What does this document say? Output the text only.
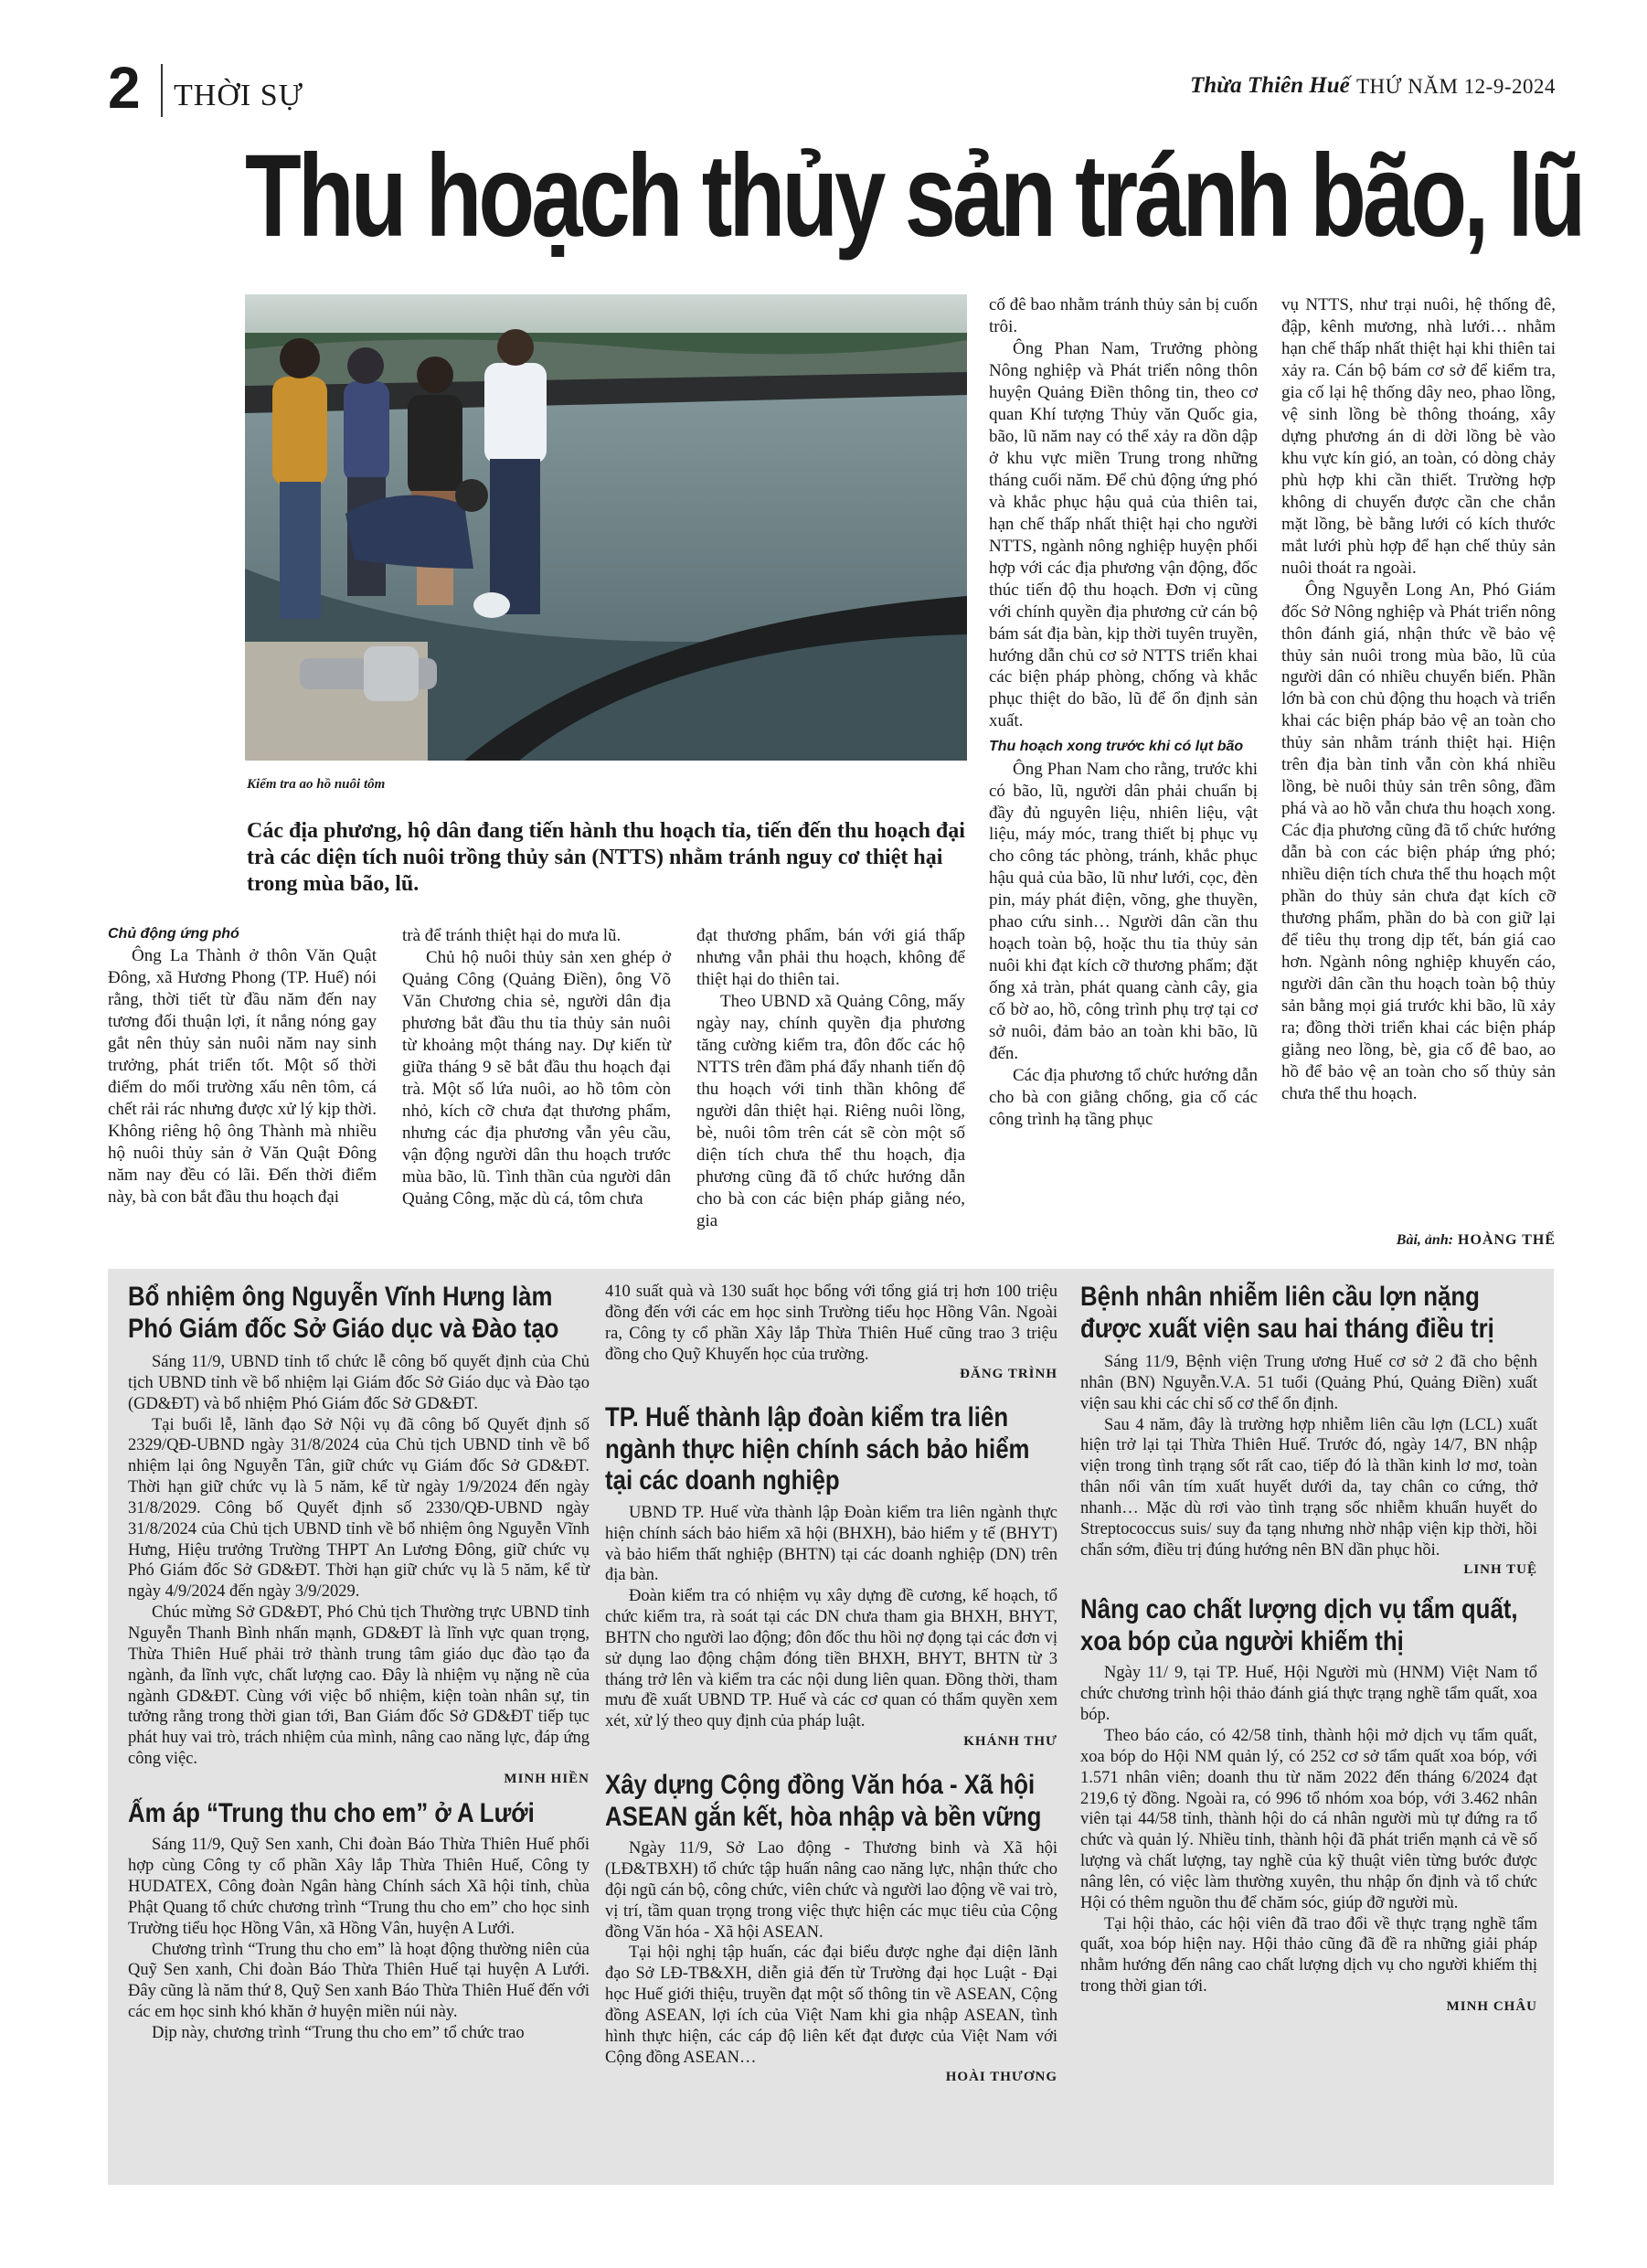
2 THỜI SỰ	Thừa Thiên Huế THỨ NĂM 12-9-2024
Thu hoạch thủy sản tránh bão, lũ
Kiểm tra ao hồ nuôi tôm
Các địa phương, hộ dân đang tiến hành thu hoạch tỉa, tiến đến thu hoạch đại trà các diện tích nuôi trồng thủy sản (NTTS) nhằm tránh nguy cơ thiệt hại trong mùa bão, lũ.
Chủ động ứng phó

Ông La Thành ở thôn Văn Quật Đông, xã Hương Phong (TP. Huế) nói rằng, thời tiết từ đầu năm đến nay tương đối thuận lợi, ít nắng nóng gay gắt nên thủy sản nuôi năm nay sinh trưởng, phát triển tốt. Một số thời điểm do mối trường xấu nên tôm, cá chết rải rác nhưng được xử lý kịp thời. Không riêng hộ ông Thành mà nhiều hộ nuôi thủy sản ở Văn Quật Đông năm nay đều có lãi. Đến thời điểm này, bà con bắt đầu thu hoạch đại

trà để tránh thiệt hại do mưa lũ.

Chủ hộ nuôi thủy sản xen ghép ở Quảng Công (Quảng Điền), ông Võ Văn Chương chia sẻ, người dân địa phương bắt đầu thu tỉa thủy sản nuôi từ khoảng một tháng nay. Dự kiến từ giữa tháng 9 sẽ bắt đầu thu hoạch đại trà. Một số lứa nuôi, ao hồ tôm còn nhỏ, kích cỡ chưa đạt thương phẩm, nhưng các địa phương vẫn yêu cầu, vận động người dân thu hoạch trước mùa bão, lũ. Tình thần của người dân Quảng Công, mặc dù cá, tôm chưa

đạt thương phẩm, bán với giá thấp nhưng vẫn phải thu hoạch, không để thiệt hại do thiên tai.

Theo UBND xã Quảng Công, mấy ngày nay, chính quyền địa phương tăng cường kiểm tra, đôn đốc các hộ NTTS trên đầm phá đẩy nhanh tiến độ thu hoạch với tinh thần không để người dân thiệt hại. Riêng nuôi lồng, bè, nuôi tôm trên cát sẽ còn một số diện tích chưa thể thu hoạch, địa phương cũng đã tổ chức hướng dẫn cho bà con các biện pháp giằng néo, gia

cố đê bao nhằm tránh thủy sản bị cuốn trôi.

Ông Phan Nam, Trưởng phòng Nông nghiệp và Phát triển nông thôn huyện Quảng Điền thông tin, theo cơ quan Khí tượng Thủy văn Quốc gia, bão, lũ năm nay có thể xảy ra dồn dập ở khu vực miền Trung trong những tháng cuối năm. Để chủ động ứng phó và khắc phục hậu quả của thiên tai, hạn chế thấp nhất thiệt hại cho người NTTS, ngành nông nghiệp huyện phối hợp với các địa phương vận động, đốc thúc tiến độ thu hoạch. Đơn vị cũng với chính quyền địa phương cử cán bộ bám sát địa bàn, kịp thời tuyên truyền, hướng dẫn chủ cơ sở NTTS triển khai các biện pháp phòng, chống và khắc phục thiệt do bão, lũ để ổn định sản xuất.

Thu hoạch xong trước khi có lụt bão

Ông Phan Nam cho rằng, trước khi có bão, lũ, người dân phải chuẩn bị đầy đủ nguyên liệu, nhiên liệu, vật liệu, máy móc, trang thiết bị phục vụ cho công tác phòng, tránh, khắc phục hậu quả của bão, lũ như lưới, cọc, đèn pin, máy phát điện, võng, ghe thuyền, phao cứu sinh… Người dân cần thu hoạch toàn bộ, hoặc thu tỉa thủy sản nuôi khi đạt kích cỡ thương phẩm; đặt ống xả tràn, phát quang cành cây, gia cố bờ ao, hồ, công trình phụ trợ tại cơ sở nuôi, đảm bảo an toàn khi bão, lũ đến.

Các địa phương tổ chức hướng dẫn cho bà con giằng chống, gia cố các công trình hạ tầng phục

vụ NTTS, như trại nuôi, hệ thống đê, đập, kênh mương, nhà lưới… nhằm hạn chế thấp nhất thiệt hại khi thiên tai xảy ra. Cán bộ bám cơ sở để kiểm tra, gia cố lại hệ thống dây neo, phao lồng, vệ sinh lồng bè thông thoáng, xây dựng phương án di dời lồng bè vào khu vực kín gió, an toàn, có dòng chảy phù hợp khi cần thiết. Trường hợp không di chuyển được cần che chắn mặt lồng, bè bằng lưới có kích thước mắt lưới phù hợp để hạn chế thủy sản nuôi thoát ra ngoài.

Ông Nguyễn Long An, Phó Giám đốc Sở Nông nghiệp và Phát triển nông thôn đánh giá, nhận thức về bảo vệ thủy sản nuôi trong mùa bão, lũ của người dân có nhiều chuyển biến. Phần lớn bà con chủ động thu hoạch và triển khai các biện pháp bảo vệ an toàn cho thủy sản nhằm tránh thiệt hại. Hiện trên địa bàn tỉnh vẫn còn khá nhiều lồng, bè nuôi thủy sản trên sông, đầm phá và ao hồ vẫn chưa thu hoạch xong. Các địa phương cũng đã tổ chức hướng dẫn bà con các biện pháp ứng phó; nhiều diện tích chưa thể thu hoạch một phần do thủy sản chưa đạt kích cỡ thương phẩm, phần do bà con giữ lại để tiêu thụ trong dịp tết, bán giá cao hơn. Ngành nông nghiệp khuyến cáo, người dân cần thu hoạch toàn bộ thủy sản bằng mọi giá trước khi bão, lũ xảy ra; đồng thời triển khai các biện pháp giằng neo lồng, bè, gia cố đê bao, ao hồ để bảo vệ an toàn cho số thủy sản chưa thể thu hoạch.

Bài, ảnh: HOÀNG THẾ
Bổ nhiệm ông Nguyễn Vĩnh Hưng làm Phó Giám đốc Sở Giáo dục và Đào tạo

Sáng 11/9, UBND tỉnh tổ chức lễ công bố quyết định của Chủ tịch UBND tỉnh về bổ nhiệm lại Giám đốc Sở Giáo dục và Đào tạo (GD&ĐT) và bổ nhiệm Phó Giám đốc Sở GD&ĐT.

Tại buổi lễ, lãnh đạo Sở Nội vụ đã công bố Quyết định số 2329/QĐ-UBND ngày 31/8/2024 của Chủ tịch UBND tỉnh về bổ nhiệm lại ông Nguyễn Tân, giữ chức vụ Giám đốc Sở GD&ĐT. Thời hạn giữ chức vụ là 5 năm, kể từ ngày 1/9/2024 đến ngày 31/8/2029. Công bố Quyết định số 2330/QĐ-UBND ngày 31/8/2024 của Chủ tịch UBND tỉnh về bổ nhiệm ông Nguyễn Vĩnh Hưng, Hiệu trưởng Trường THPT An Lương Đông, giữ chức vụ Phó Giám đốc Sở GD&ĐT. Thời hạn giữ chức vụ là 5 năm, kể từ ngày 4/9/2024 đến ngày 3/9/2029.

Chúc mừng Sở GD&ĐT, Phó Chủ tịch Thường trực UBND tỉnh Nguyễn Thanh Bình nhấn mạnh, GD&ĐT là lĩnh vực quan trọng, Thừa Thiên Huế phải trở thành trung tâm giáo dục đào tạo đa ngành, đa lĩnh vực, chất lượng cao. Đây là nhiệm vụ nặng nề của ngành GD&ĐT. Cùng với việc bổ nhiệm, kiện toàn nhân sự, tin tưởng rằng trong thời gian tới, Ban Giám đốc Sở GD&ĐT tiếp tục phát huy vai trò, trách nhiệm của mình, nâng cao năng lực, đáp ứng công việc.

MINH HIỀN
Ấm áp “Trung thu cho em” ở A Lưới

Sáng 11/9, Quỹ Sen xanh, Chi đoàn Báo Thừa Thiên Huế phối hợp cùng Công ty cổ phần Xây lắp Thừa Thiên Huế, Công ty HUDATEX, Công đoàn Ngân hàng Chính sách Xã hội tỉnh, chùa Phật Quang tổ chức chương trình “Trung thu cho em” cho học sinh Trường tiểu học Hồng Vân, xã Hồng Vân, huyện A Lưới.

Chương trình “Trung thu cho em” là hoạt động thường niên của Quỹ Sen xanh, Chi đoàn Báo Thừa Thiên Huế tại huyện A Lưới. Đây cũng là năm thứ 8, Quỹ Sen xanh Báo Thừa Thiên Huế đến với các em học sinh khó khăn ở huyện miền núi này.

Dịp này, chương trình “Trung thu cho em” tổ chức trao

410 suất quà và 130 suất học bổng với tổng giá trị hơn 100 triệu đồng đến với các em học sinh Trường tiểu học Hồng Vân. Ngoài ra, Công ty cổ phần Xây lắp Thừa Thiên Huế cũng trao 3 triệu đồng cho Quỹ Khuyến học của trường.

ĐĂNG TRÌNH
TP. Huế thành lập đoàn kiểm tra liên ngành thực hiện chính sách bảo hiểm tại các doanh nghiệp

UBND TP. Huế vừa thành lập Đoàn kiểm tra liên ngành thực hiện chính sách bảo hiểm xã hội (BHXH), bảo hiểm y tế (BHYT) và bảo hiểm thất nghiệp (BHTN) tại các doanh nghiệp (DN) trên địa bàn.

Đoàn kiểm tra có nhiệm vụ xây dựng đề cương, kế hoạch, tổ chức kiểm tra, rà soát tại các DN chưa tham gia BHXH, BHYT, BHTN cho người lao động; đôn đốc thu hồi nợ đọng tại các đơn vị sử dụng lao động chậm đóng tiền BHXH, BHYT, BHTN từ 3 tháng trở lên và kiểm tra các nội dung liên quan. Đồng thời, tham mưu đề xuất UBND TP. Huế và các cơ quan có thẩm quyền xem xét, xử lý theo quy định của pháp luật.

KHÁNH THƯ
Xây dựng Cộng đồng Văn hóa - Xã hội ASEAN gắn kết, hòa nhập và bền vững

Ngày 11/9, Sở Lao động - Thương binh và Xã hội (LĐ&TBXH) tổ chức tập huấn nâng cao năng lực, nhận thức cho đội ngũ cán bộ, công chức, viên chức và người lao động về vai trò, vị trí, tầm quan trọng trong việc thực hiện các mục tiêu của Cộng đồng Văn hóa - Xã hội ASEAN.

Tại hội nghị tập huấn, các đại biểu được nghe đại diện lãnh đạo Sở LĐ-TB&XH, diễn giả đến từ Trường đại học Luật - Đại học Huế giới thiệu, truyền đạt một số thông tin về ASEAN, Cộng đồng ASEAN, lợi ích của Việt Nam khi gia nhập ASEAN, tình hình thực hiện, các cáp độ liên kết đạt được của Việt Nam với Cộng đồng ASEAN…

HOÀI THƯƠNG
Bệnh nhân nhiễm liên cầu lợn nặng được xuất viện sau hai tháng điều trị

Sáng 11/9, Bệnh viện Trung ương Huế cơ sở 2 đã cho bệnh nhân (BN) Nguyễn.V.A. 51 tuổi (Quảng Phú, Quảng Điền) xuất viện sau khi các chỉ số cơ thể ổn định.

Sau 4 năm, đây là trường hợp nhiễm liên cầu lợn (LCL) xuất hiện trở lại tại Thừa Thiên Huế. Trước đó, ngày 14/7, BN nhập viện trong tình trạng sốt rất cao, tiếp đó là thần kinh lơ mơ, toàn thân nổi vân tím xuất huyết dưới da, tay chân co cứng, thở nhanh… Mặc dù rơi vào tình trạng sốc nhiễm khuẩn huyết do Streptococcus suis/ suy đa tạng nhưng nhờ nhập viện kịp thời, hồi chẩn sớm, điều trị đúng hướng nên BN dần phục hồi.

LINH TUỆ
Nâng cao chất lượng dịch vụ tẩm quất, xoa bóp của người khiếm thị

Ngày 11/ 9, tại TP. Huế, Hội Người mù (HNM) Việt Nam tổ chức chương trình hội thảo đánh giá thực trạng nghề tẩm quất, xoa bóp.

Theo báo cáo, có 42/58 tỉnh, thành hội mở dịch vụ tẩm quất, xoa bóp do Hội NM quản lý, có 252 cơ sở tẩm quất xoa bóp, với 1.571 nhân viên; doanh thu từ năm 2022 đến tháng 6/2024 đạt 219,6 tỷ đồng. Ngoài ra, có 996 tổ nhóm xoa bóp, với 3.462 nhân viên tại 44/58 tỉnh, thành hội do cá nhân người mù tự đứng ra tổ chức và quản lý. Nhiều tỉnh, thành hội đã phát triển mạnh cả về số lượng và chất lượng, tay nghề của kỹ thuật viên từng bước được nâng lên, có việc làm thường xuyên, thu nhập ổn định và tổ chức Hội có thêm nguồn thu để chăm sóc, giúp đỡ người mù.

Tại hội thảo, các hội viên đã trao đổi về thực trạng nghề tẩm quất, xoa bóp hiện nay. Hội thảo cũng đã đề ra những giải pháp nhằm hướng đến nâng cao chất lượng dịch vụ cho người khiếm thị trong thời gian tới.

MINH CHÂU
